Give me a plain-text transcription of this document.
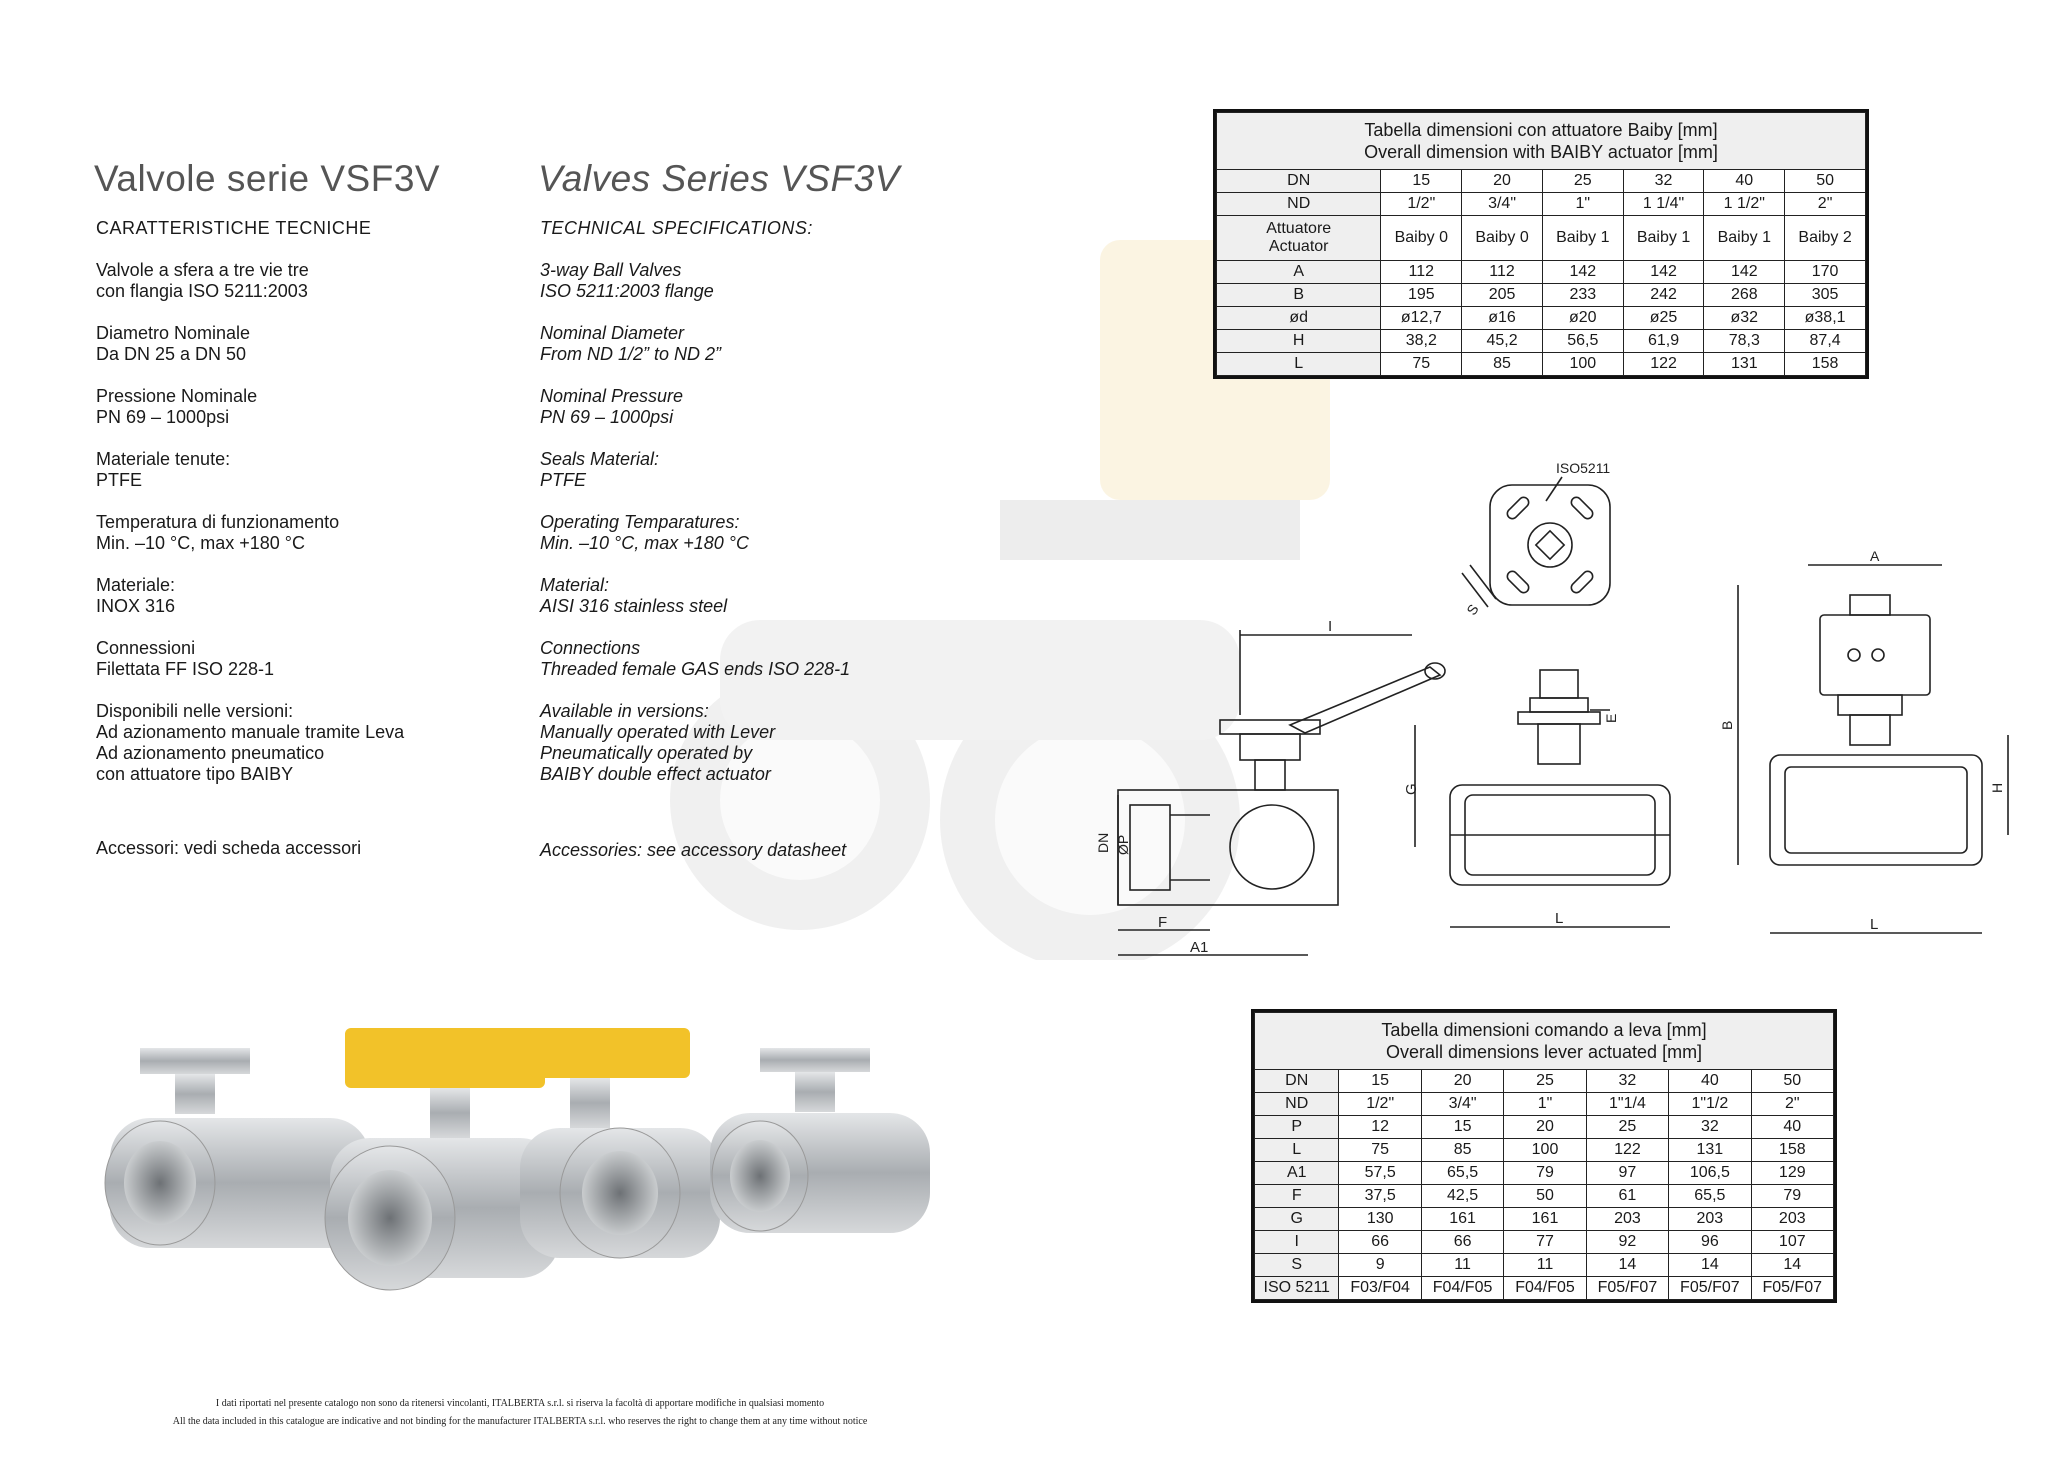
Valvole serie VSF3V
CARATTERISTICHE TECNICHE
Valvole a sfera a tre vie tre
con flangia ISO 5211:2003
Diametro Nominale
Da DN 25 a DN 50
Pressione Nominale
PN 69 – 1000psi
Materiale tenute:
PTFE
Temperatura di funzionamento
Min. –10 °C, max +180 °C
Materiale:
INOX 316
Connessioni
Filettata FF ISO 228-1
Disponibili nelle versioni:
Ad azionamento manuale tramite Leva
Ad azionamento pneumatico
con attuatore tipo BAIBY
Accessori: vedi scheda accessori
Valves Series VSF3V
TECHNICAL SPECIFICATIONS:
3-way Ball Valves
ISO 5211:2003 flange
Nominal Diameter
From ND 1/2” to ND 2”
Nominal Pressure
PN 69 – 1000psi
Seals Material:
PTFE
Operating Temparatures:
Min. –10 °C, max +180 °C
Material:
AISI 316 stainless steel
Connections
Threaded female GAS ends ISO 228-1
Available in versions:
Manually operated with Lever
Pneumatically operated by
BAIBY double effect actuator
Accessories: see accessory datasheet
Tabella dimensioni con attuatore Baiby [mm]
Overall dimension with BAIBY actuator [mm]						

DN	15	20	25	32	40	50
ND	1/2"	3/4"	1"	1 1/4"	1 1/2"	2"

Attuatore
Actuator	Baiby 0	Baiby 0	Baiby 1	Baiby 1	Baiby 1	Baiby 2
A	112	112	142	142	142	170
B	195	205	233	242	268	305
ød	ø12,7	ø16	ø20	ø25	ø32	ø38,1
H	38,2	45,2	56,5	61,9	78,3	87,4
L	75	85	100	122	131	158
Tabella dimensioni comando a leva [mm]
Overall dimensions lever actuated [mm]						

DN	15	20	25	32	40	50
ND	1/2"	3/4"	1"	1"1/4	1"1/2	2"
P	12	15	20	25	32	40
L	75	85	100	122	131	158
A1	57,5	65,5	79	97	106,5	129
F	37,5	42,5	50	61	65,5	79
G	130	161	161	203	203	203
I	66	66	77	92	96	107
S	9	11	11	14	14	14
ISO 5211	F03/F04	F04/F05	F04/F05	F05/F07	F05/F07	F05/F07
ISO5211
S
I
G
DN ØP
F
A1
E
L
A
B
H
L
I dati riportati nel presente catalogo non sono da ritenersi vincolanti, ITALBERTA s.r.l. si riserva la facoltà di apportare modifiche in qualsiasi momento
All the data included in this catalogue are indicative and not binding for the manufacturer ITALBERTA s.r.l. who reserves the right to change them at any time without notice
